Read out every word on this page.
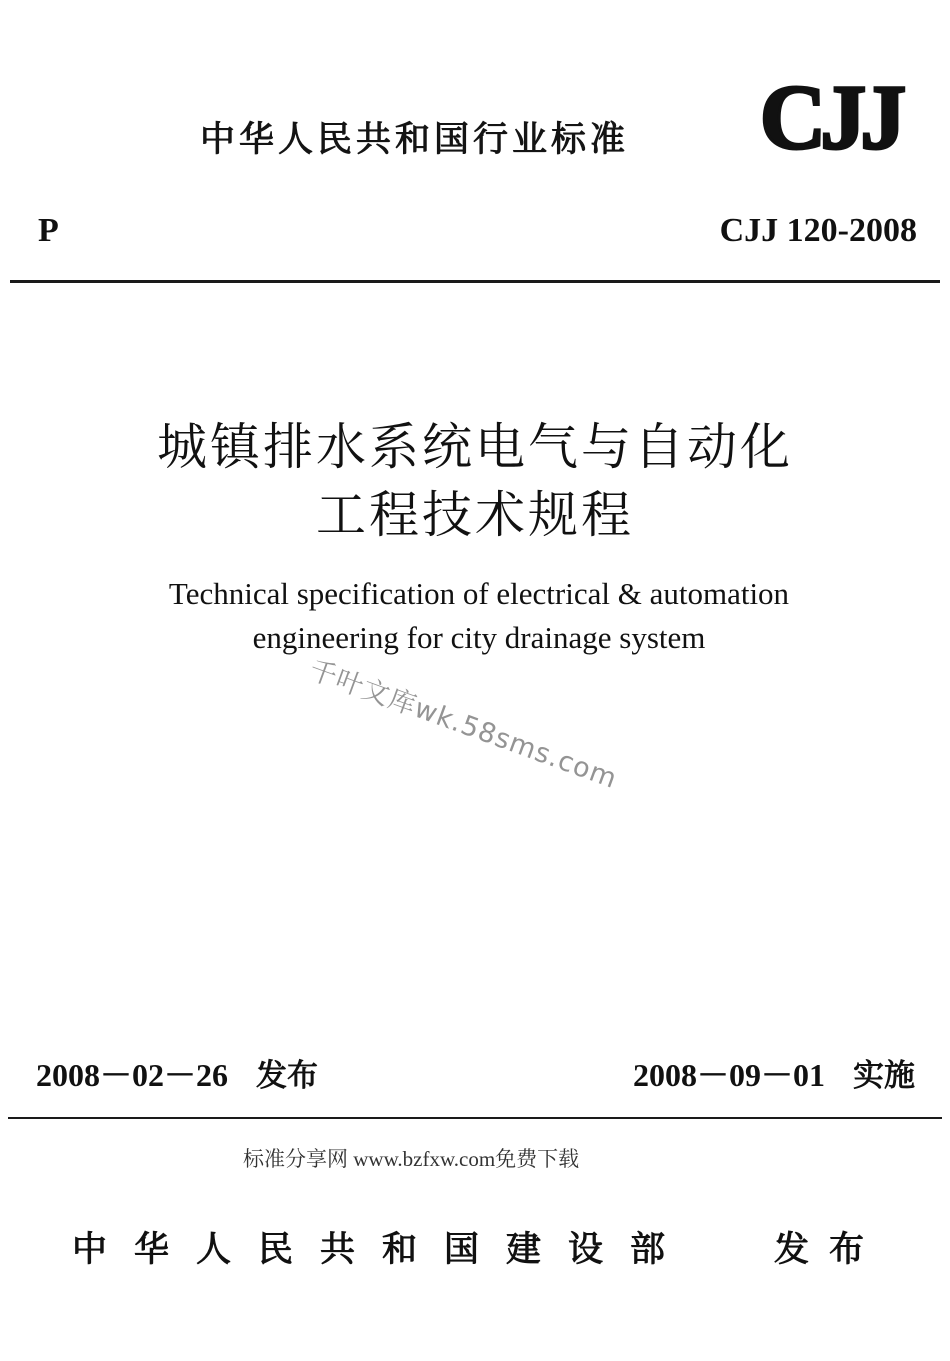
中华人民共和国行业标准 CJJ
P	CJJ 120-2008
城镇排水系统电气与自动化
工程技术规程
Technical specification of electrical & automation
engineering for city drainage system
千叶文库wk.58sms.com
2008－02－26 发布	2008－09－01 实施
标准分享网 www.bzfxw.com免费下载
中华人民共和国建设部 发布
